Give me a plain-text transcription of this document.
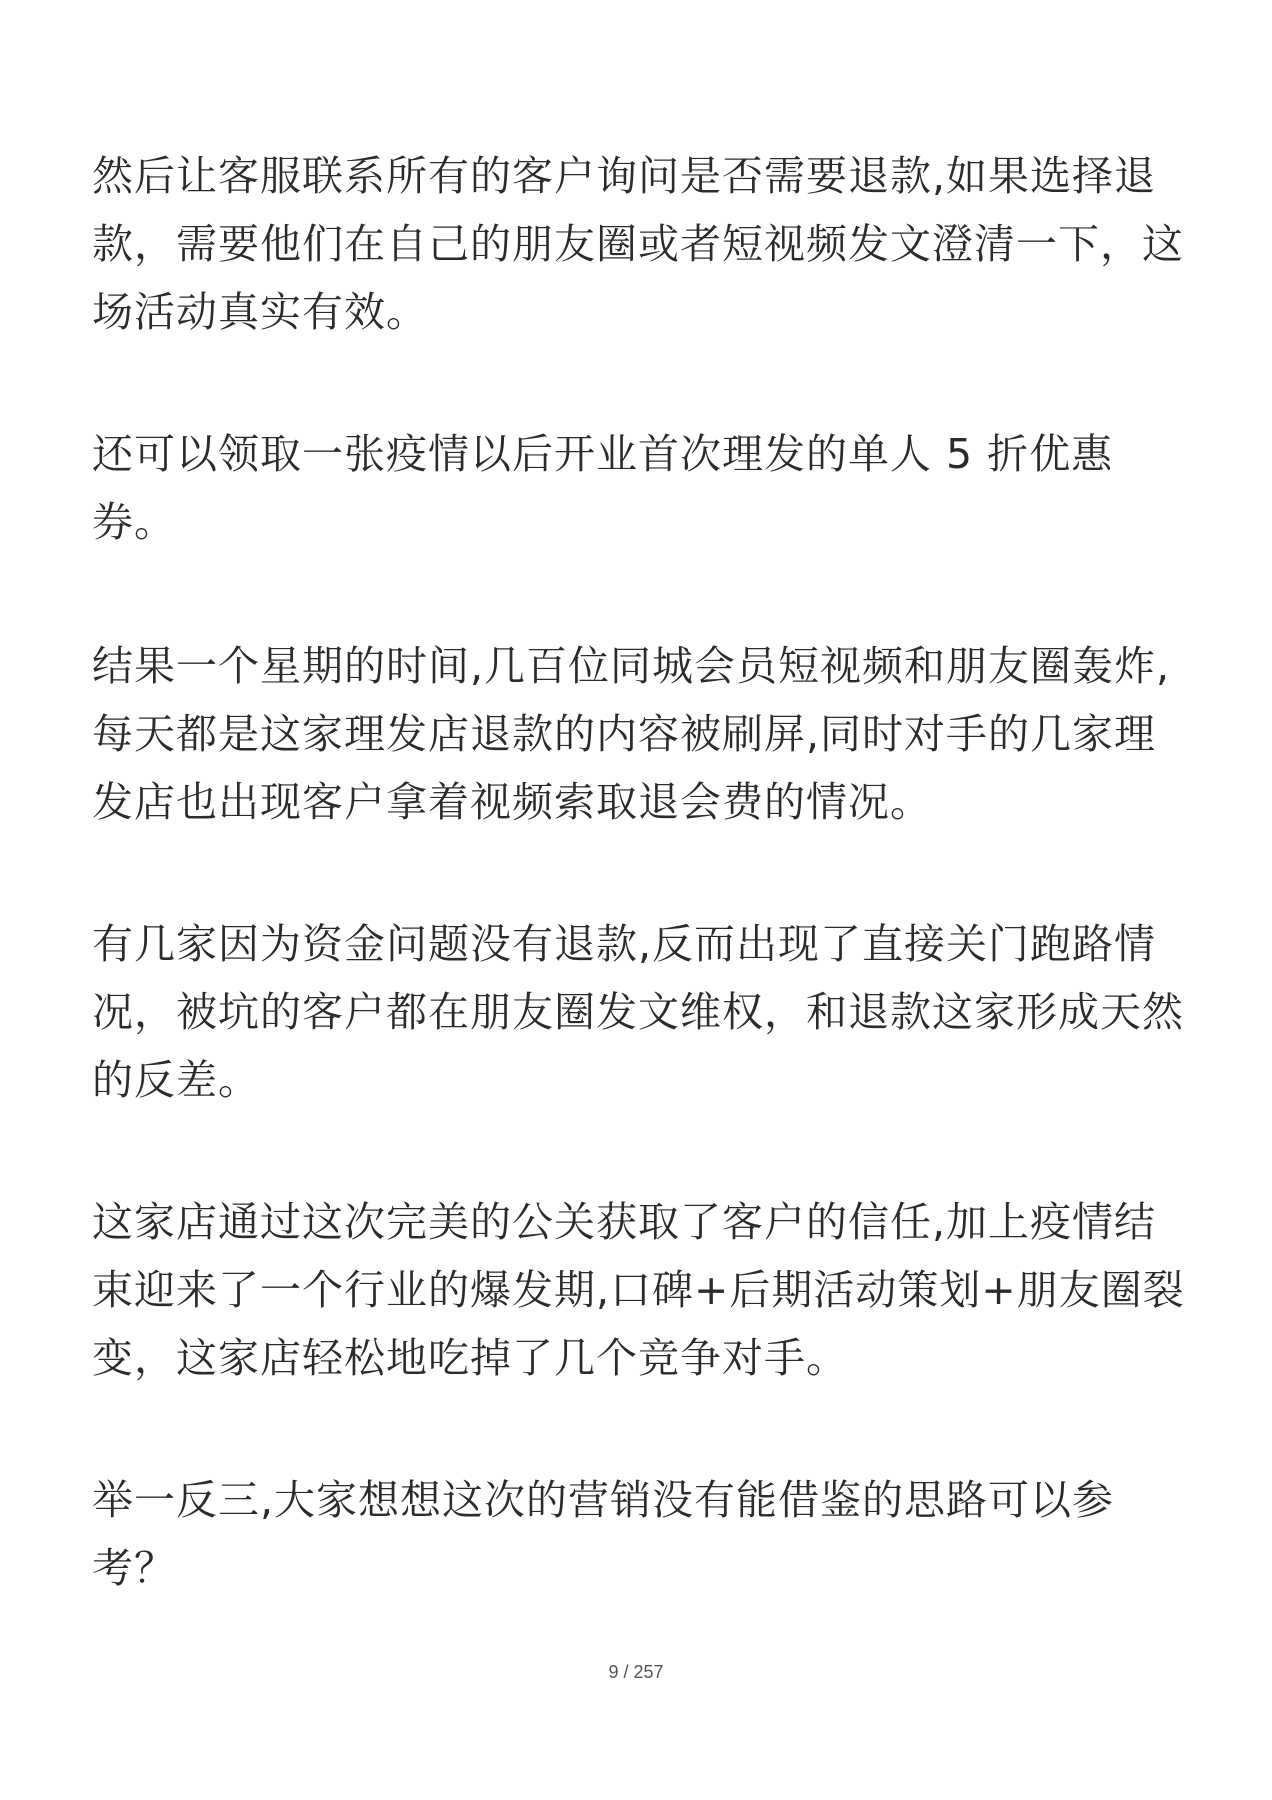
然后让客服联系所有的客户询问是否需要退款,如果选择退款，需要他们在自己的朋友圈或者短视频发文澄清一下，这场活动真实有效。

还可以领取一张疫情以后开业首次理发的单人 5 折优惠券。

结果一个星期的时间,几百位同城会员短视频和朋友圈轰炸,每天都是这家理发店退款的内容被刷屏,同时对手的几家理发店也出现客户拿着视频索取退会费的情况。

有几家因为资金问题没有退款,反而出现了直接关门跑路情况，被坑的客户都在朋友圈发文维权，和退款这家形成天然的反差。

这家店通过这次完美的公关获取了客户的信任,加上疫情结束迎来了一个行业的爆发期,口碑+后期活动策划+朋友圈裂变，这家店轻松地吃掉了几个竞争对手。

举一反三,大家想想这次的营销没有能借鉴的思路可以参考？

9 / 257
